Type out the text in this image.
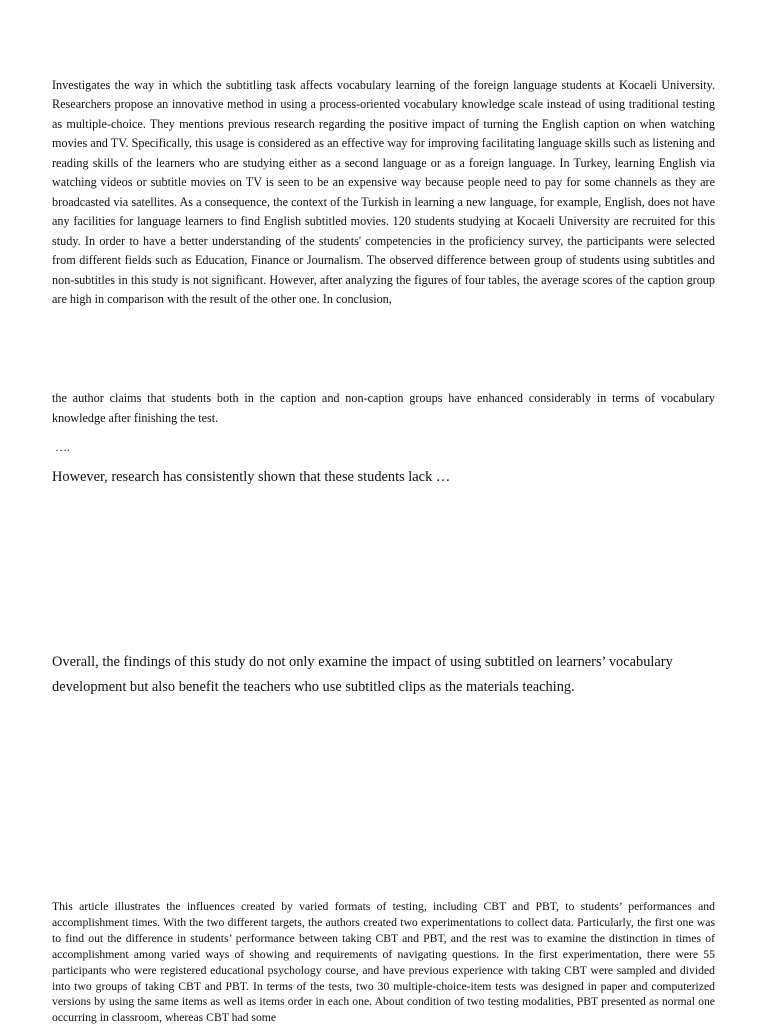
Investigates the way in which the subtitling task affects vocabulary learning of the foreign language students at Kocaeli University. Researchers propose an innovative method in using a process-oriented vocabulary knowledge scale instead of using traditional testing as multiple-choice. They mentions previous research regarding the positive impact of turning the English caption on when watching movies and TV. Specifically, this usage is considered as an effective way for improving facilitating language skills such as listening and reading skills of the learners who are studying either as a second language or as a foreign language. In Turkey, learning English via watching videos or subtitle movies on TV is seen to be an expensive way because people need to pay for some channels as they are broadcasted via satellites. As a consequence, the context of the Turkish in learning a new language, for example, English, does not have any facilities for language learners to find English subtitled movies. 120 students studying at Kocaeli University are recruited for this study. In order to have a better understanding of the students' competencies in the proficiency survey, the participants were selected from different fields such as Education, Finance or Journalism. The observed difference between group of students using subtitles and non-subtitles in this study is not significant. However, after analyzing the figures of four tables, the average scores of the caption group are high in comparison with the result of the other one. In conclusion,

the author claims that students both in the caption and non-caption groups have enhanced considerably in terms of vocabulary knowledge after finishing the test.

….

However, research has consistently shown that these students lack …

Overall, the findings of this study do not only examine the impact of using subtitled on learners’ vocabulary development but also benefit the teachers who use subtitled clips as the materials teaching.

This article illustrates the influences created by varied formats of testing, including CBT and PBT, to students’ performances and accomplishment times. With the two different targets, the authors created two experimentations to collect data. Particularly, the first one was to find out the difference in students’ performance between taking CBT and PBT, and the rest was to examine the distinction in times of accomplishment among varied ways of showing and requirements of navigating questions. In the first experimentation, there were 55 participants who were registered educational psychology course, and have previous experience with taking CBT were sampled and divided into two groups of taking CBT and PBT. In terms of the tests, two 30 multiple-choice-item tests was designed in paper and computerized versions by using the same items as well as items order in each one. About condition of two testing modalities, PBT presented as normal one occurring in classroom, whereas CBT had some
